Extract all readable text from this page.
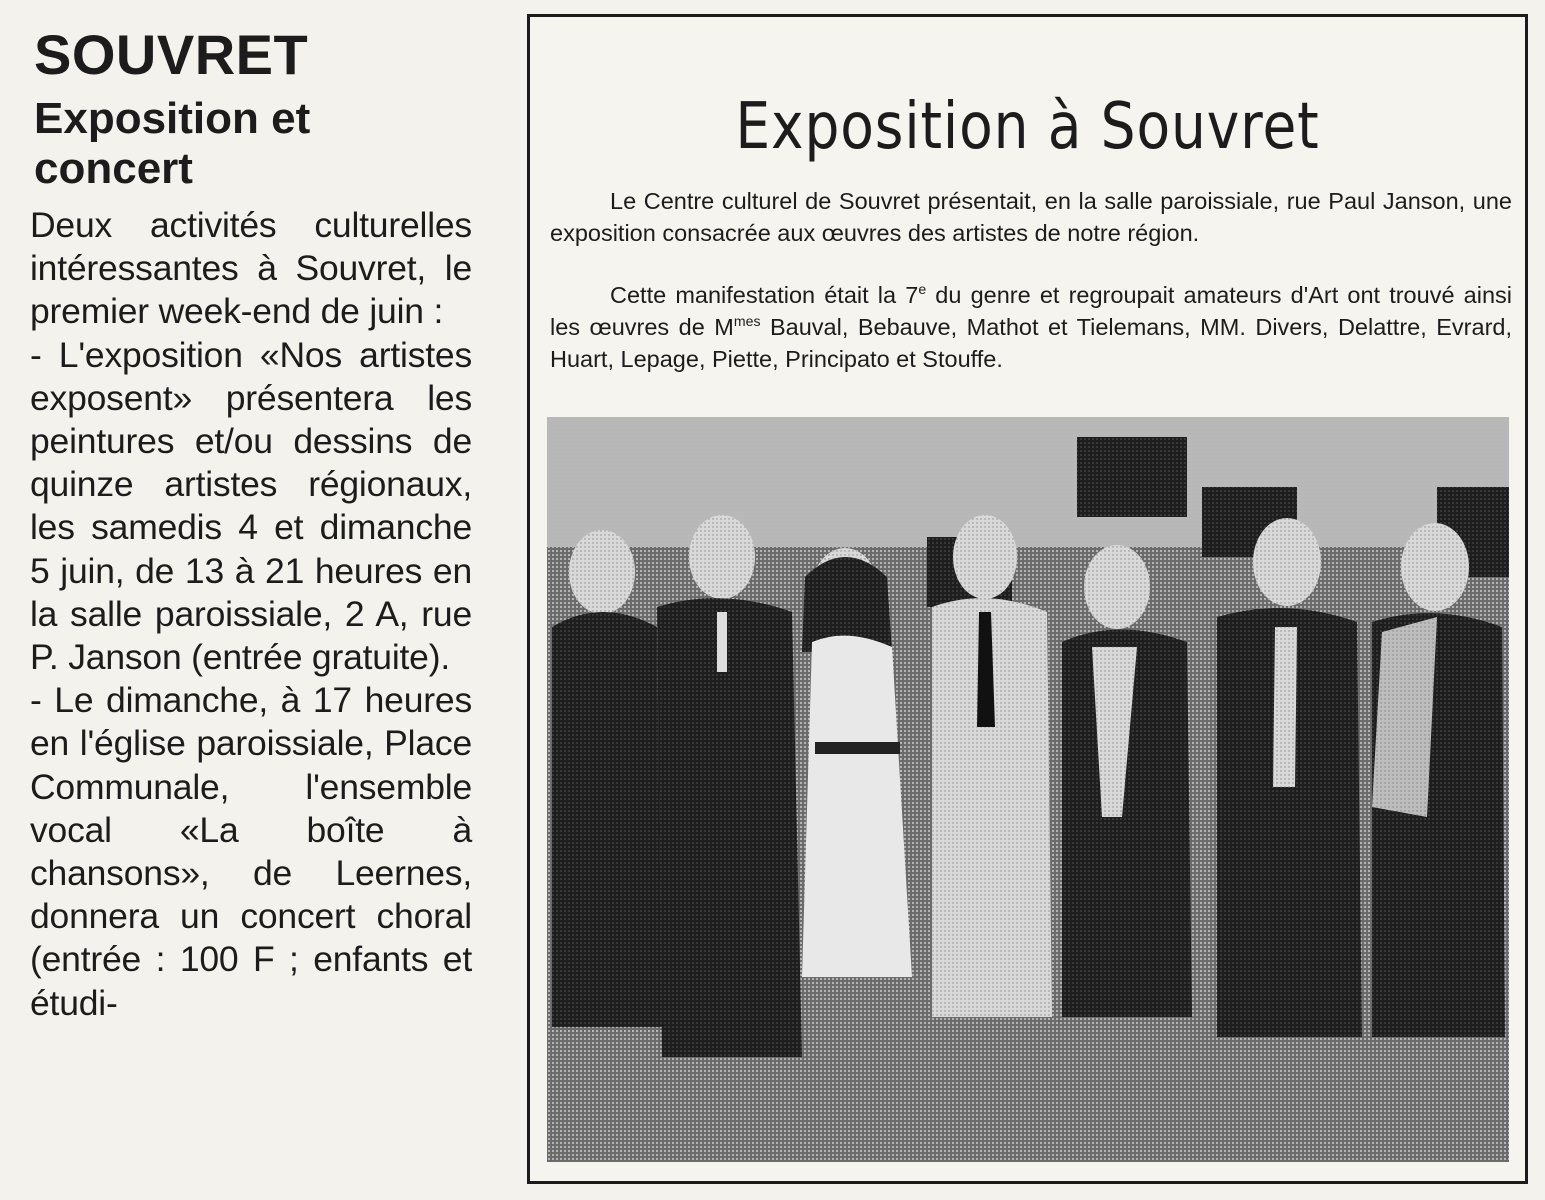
SOUVRET
Exposition et concert

Deux activités culturelles intéressantes à Souvret, le premier week-end de juin :

- L'exposition «Nos artistes exposent» présentera les peintures et/ou dessins de quinze artistes régionaux, les samedis 4 et dimanche 5 juin, de 13 à 21 heures en la salle paroissiale, 2 A, rue P. Janson (entrée gratuite).

- Le dimanche, à 17 heures en l'église paroissiale, Place Communale, l'ensemble vocal «La boîte à chansons», de Leernes, donnera un concert choral (entrée : 100 F ; enfants et étudi-

Exposition à Souvret

Le Centre culturel de Souvret présentait, en la salle paroissiale, rue Paul Janson, une exposition consacrée aux œuvres des artistes de notre région.

Cette manifestation était la 7e du genre et regroupait amateurs d'Art ont trouvé ainsi les œuvres de $M^{mes}$ Bauval, Bebauve, Mathot et Tielemans, MM. Divers, Delattre, Evrard, Huart, Lepage, Piette, Principato et Stouffe.
